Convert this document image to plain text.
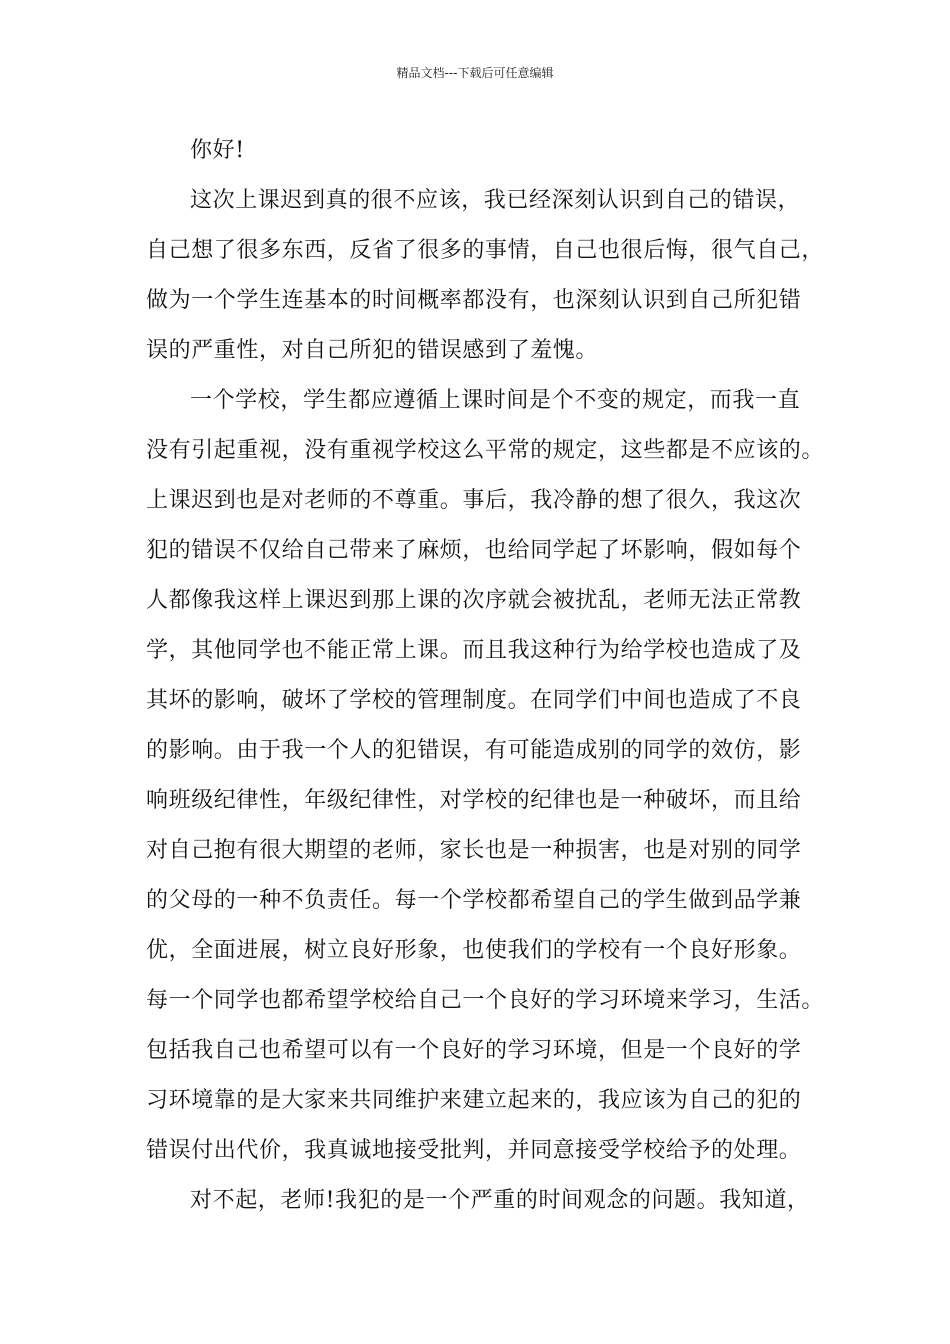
精品文档---下载后可任意编辑
你好!
这次上课迟到真的很不应该，我已经深刻认识到自己的错误，
自己想了很多东西，反省了很多的事情，自己也很后悔，很气自己，
做为一个学生连基本的时间概率都没有，也深刻认识到自己所犯错
误的严重性，对自己所犯的错误感到了羞愧。
一个学校，学生都应遵循上课时间是个不变的规定，而我一直
没有引起重视，没有重视学校这么平常的规定，这些都是不应该的。
上课迟到也是对老师的不尊重。事后，我冷静的想了很久，我这次
犯的错误不仅给自己带来了麻烦，也给同学起了坏影响，假如每个
人都像我这样上课迟到那上课的次序就会被扰乱，老师无法正常教
学，其他同学也不能正常上课。而且我这种行为给学校也造成了及
其坏的影响，破坏了学校的管理制度。在同学们中间也造成了不良
的影响。由于我一个人的犯错误，有可能造成别的同学的效仿，影
响班级纪律性，年级纪律性，对学校的纪律也是一种破坏，而且给
对自己抱有很大期望的老师，家长也是一种损害，也是对别的同学
的父母的一种不负责任。每一个学校都希望自己的学生做到品学兼
优，全面进展，树立良好形象，也使我们的学校有一个良好形象。
每一个同学也都希望学校给自己一个良好的学习环境来学习，生活。
包括我自己也希望可以有一个良好的学习环境，但是一个良好的学
习环境靠的是大家来共同维护来建立起来的，我应该为自己的犯的
错误付出代价，我真诚地接受批判，并同意接受学校给予的处理。
对不起，老师!我犯的是一个严重的时间观念的问题。我知道，
